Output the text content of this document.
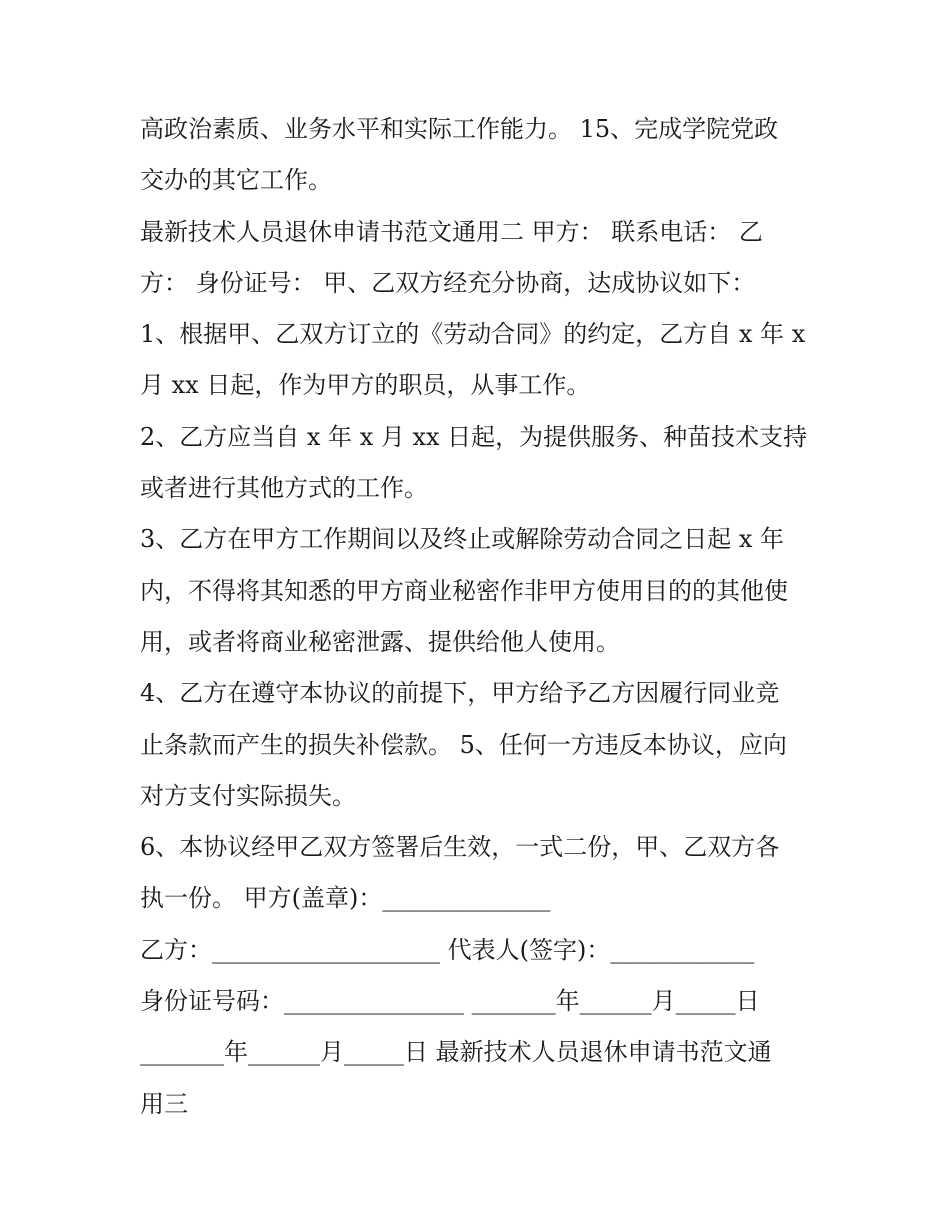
高政治素质、业务水平和实际工作能力。 15、完成学院党政

交办的其它工作。

最新技术人员退休申请书范文通用二 甲方： 联系电话： 乙

方： 身份证号： 甲、乙双方经充分协商，达成协议如下：

1、根据甲、乙双方订立的《劳动合同》的约定，乙方自 x 年 x

月 xx 日起，作为甲方的职员，从事工作。

2、乙方应当自 x 年 x 月 xx 日起，为提供服务、种苗技术支持

或者进行其他方式的工作。

3、乙方在甲方工作期间以及终止或解除劳动合同之日起 x 年

内，不得将其知悉的甲方商业秘密作非甲方使用目的的其他使

用，或者将商业秘密泄露、提供给他人使用。

4、乙方在遵守本协议的前提下，甲方给予乙方因履行同业竞

止条款而产生的损失补偿款。 5、任何一方违反本协议，应向

对方支付实际损失。

6、本协议经甲乙双方签署后生效，一式二份，甲、乙双方各

执一份。 甲方(盖章)：______________

乙方：___________________ 代表人(签字)：____________

身份证号码：_______________ _______年______月_____日

_______年______月_____日 最新技术人员退休申请书范文通

用三
